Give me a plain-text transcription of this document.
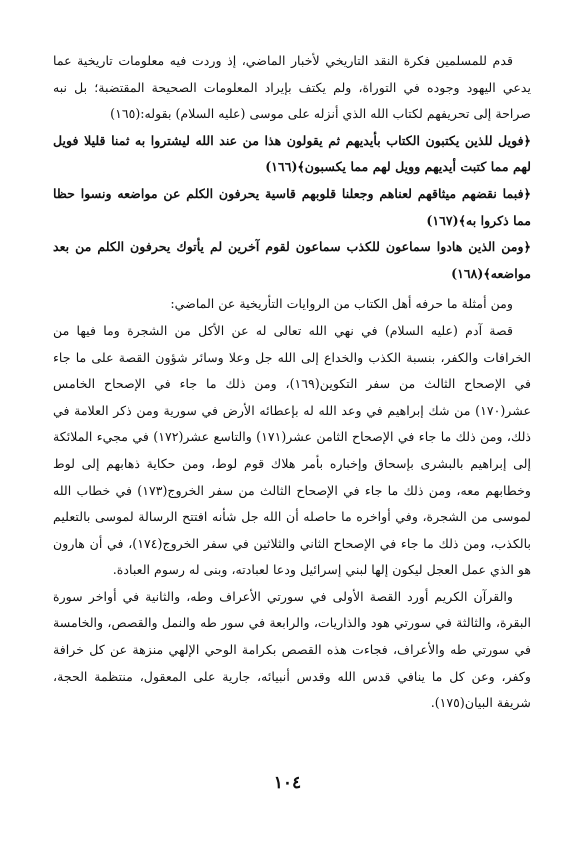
قدم للمسلمين فكرة النقد التاريخي لأخبار الماضي، إذ وردت فيه معلومات تاريخية عما يدعي اليهود وجوده في التوراة، ولم يكتف بإيراد المعلومات الصحيحة المقتضبة؛ بل نبه صراحة إلى تحريفهم لكتاب الله الذي أنزله على موسى (عليه السلام) بقوله:(١٦٥)

﴿فويل للذين يكتبون الكتاب بأيديهم ثم يقولون هذا من عند الله ليشتروا به ثمنا قليلا فويل لهم مما كتبت أيديهم وويل لهم مما يكسبون﴾(١٦٦)

﴿فبما نقضهم ميثاقهم لعناهم وجعلنا قلوبهم قاسية يحرفون الكلم عن مواضعه ونسوا حظا مما ذكروا به﴾(١٦٧)

﴿ومن الذين هادوا سماعون للكذب سماعون لقوم آخرين لم يأتوك يحرفون الكلم من بعد مواضعه﴾(١٦٨)

ومن أمثلة ما حرفه أهل الكتاب من الروايات التأريخية عن الماضي:

قصة آدم (عليه السلام) في نهي الله تعالى له عن الأكل من الشجرة وما فيها من الخرافات والكفر، بنسبة الكذب والخداع إلى الله جل وعلا وسائر شؤون القصة على ما جاء في الإصحاح الثالث من سفر التكوين(١٦٩)، ومن ذلك ما جاء في الإصحاح الخامس عشر(١٧٠) من شك إبراهيم في وعد الله له بإعطائه الأرض في سورية ومن ذكر العلامة في ذلك، ومن ذلك ما جاء في الإصحاح الثامن عشر(١٧١) والتاسع عشر(١٧٢) في مجيء الملائكة إلى إبراهيم بالبشرى بإسحاق وإخباره بأمر هلاك قوم لوط، ومن حكاية ذهابهم إلى لوط وخطابهم معه، ومن ذلك ما جاء في الإصحاح الثالث من سفر الخروج(١٧٣) في خطاب الله لموسى من الشجرة، وفي أواخره ما حاصله أن الله جل شأنه افتتح الرسالة لموسى بالتعليم بالكذب، ومن ذلك ما جاء في الإصحاح الثاني والثلاثين في سفر الخروج(١٧٤)، في أن هارون هو الذي عمل العجل ليكون إلها لبني إسرائيل ودعا لعبادته، وبنى له رسوم العبادة.

والقرآن الكريم أورد القصة الأولى في سورتي الأعراف وطه، والثانية في أواخر سورة البقرة، والثالثة في سورتي هود والذاريات، والرابعة في سور طه والنمل والقصص، والخامسة في سورتي طه والأعراف، فجاءت هذه القصص بكرامة الوحي الإلهي منزهة عن كل خرافة وكفر، وعن كل ما ينافي قدس الله وقدس أنبيائه، جارية على المعقول، منتظمة الحجة، شريفة البيان(١٧٥).

١٠٤
